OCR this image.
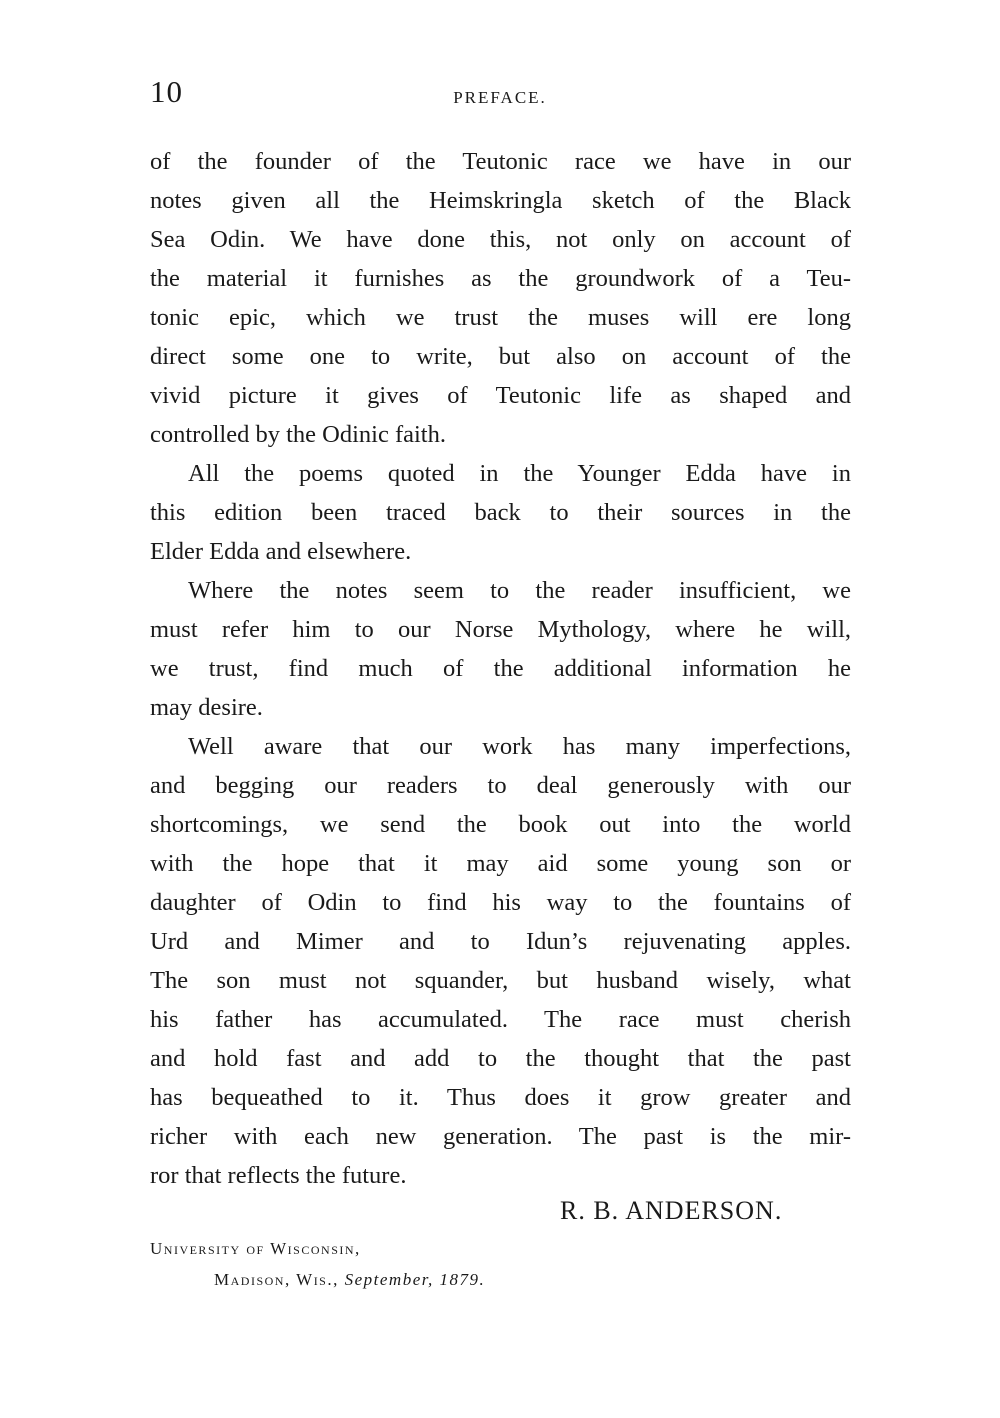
10	PREFACE.
of the founder of the Teutonic race we have in our
notes given all the Heimskringla sketch of the Black
Sea Odin. We have done this, not only on account of
the material it furnishes as the groundwork of a Teu-
tonic epic, which we trust the muses will ere long
direct some one to write, but also on account of the
vivid picture it gives of Teutonic life as shaped and
controlled by the Odinic faith.
All the poems quoted in the Younger Edda have in
this edition been traced back to their sources in the
Elder Edda and elsewhere.
Where the notes seem to the reader insufficient, we
must refer him to our Norse Mythology, where he will,
we trust, find much of the additional information he
may desire.
Well aware that our work has many imperfections,
and begging our readers to deal generously with our
shortcomings, we send the book out into the world
with the hope that it may aid some young son or
daughter of Odin to find his way to the fountains of
Urd and Mimer and to Idun’s rejuvenating apples.
The son must not squander, but husband wisely, what
his father has accumulated. The race must cherish
and hold fast and add to the thought that the past
has bequeathed to it. Thus does it grow greater and
richer with each new generation. The past is the mir-
ror that reflects the future.
R. B. ANDERSON.
University of Wisconsin,
Madison, Wis., September, 1879.
